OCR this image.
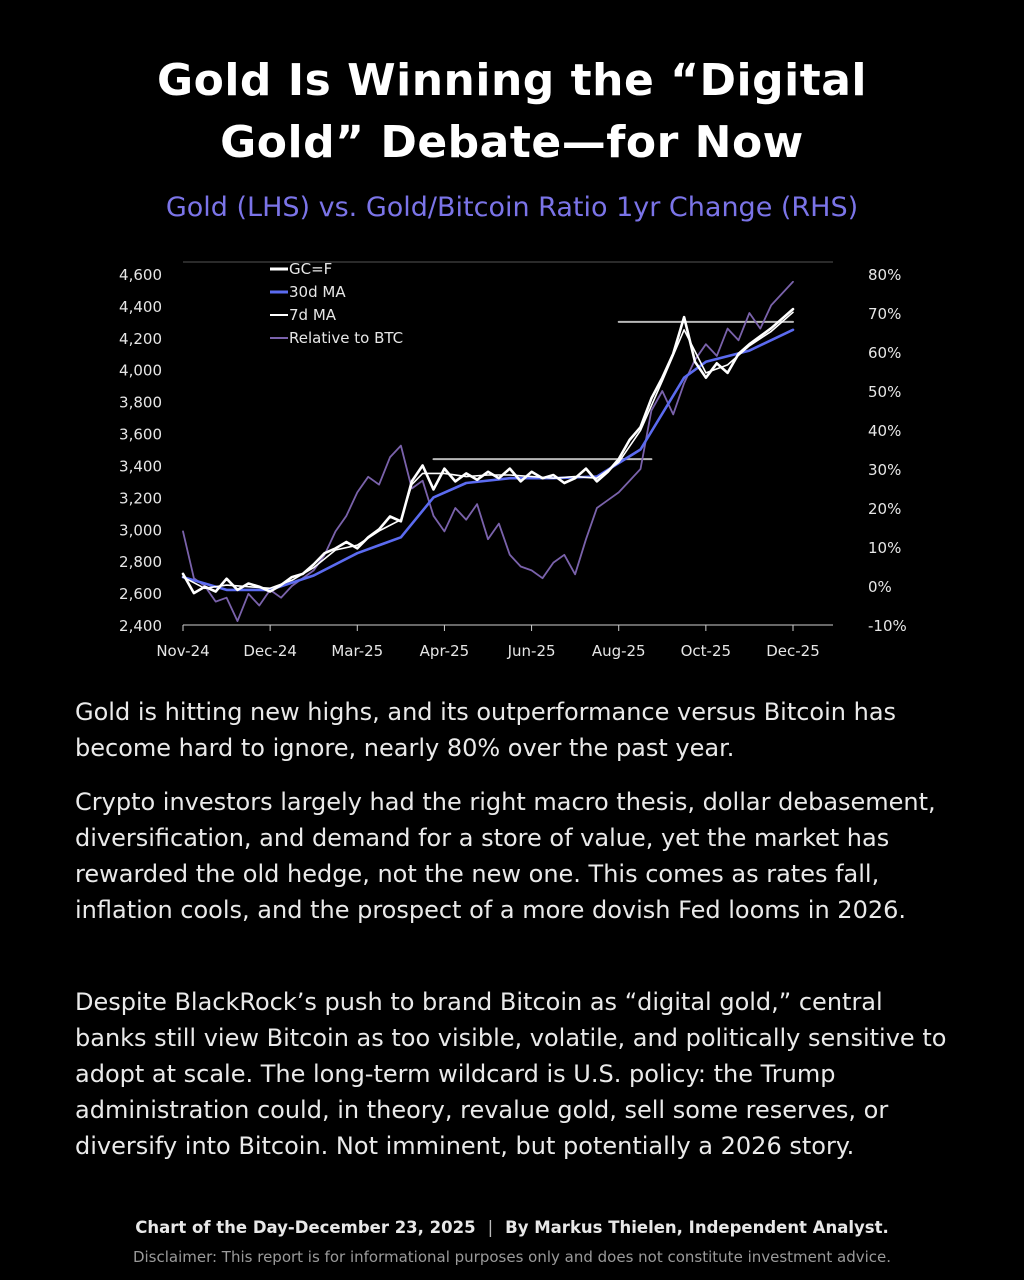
Gold Is Winning the “Digital Gold” Debate—for Now
Gold (LHS) vs. Gold/Bitcoin Ratio 1yr Change (RHS)
2,400
2,600
2,800
3,000
3,200
3,400
3,600
3,800
4,000
4,200
4,400
4,600
-10%
0%
10%
20%
30%
40%
50%
60%
70%
80%
Nov-24 Dec-24 Mar-25 Apr-25	Jun-25 Aug-25 Oct-25 Dec-25
GC=F
30d MA
7d MA
Relative to BTC
Gold is hitting new highs, and its outperformance versus Bitcoin has become hard to ignore, nearly 80% over the past year.
Crypto investors largely had the right macro thesis, dollar debasement, diversification, and demand for a store of value, yet the market has rewarded the old hedge, not the new one. This comes as rates fall, inflation cools, and the prospect of a more dovish Fed looms in 2026.
Despite BlackRock’s push to brand Bitcoin as “digital gold,” central banks still view Bitcoin as too visible, volatile, and politically sensitive to adopt at scale. The long-term wildcard is U.S. policy: the Trump administration could, in theory, revalue gold, sell some reserves, or diversify into Bitcoin. Not imminent, but potentially a 2026 story.
Chart of the Day-December 23, 2025 | By Markus Thielen, Independent Analyst.
Disclaimer: This report is for informational purposes only and does not constitute investment advice.
